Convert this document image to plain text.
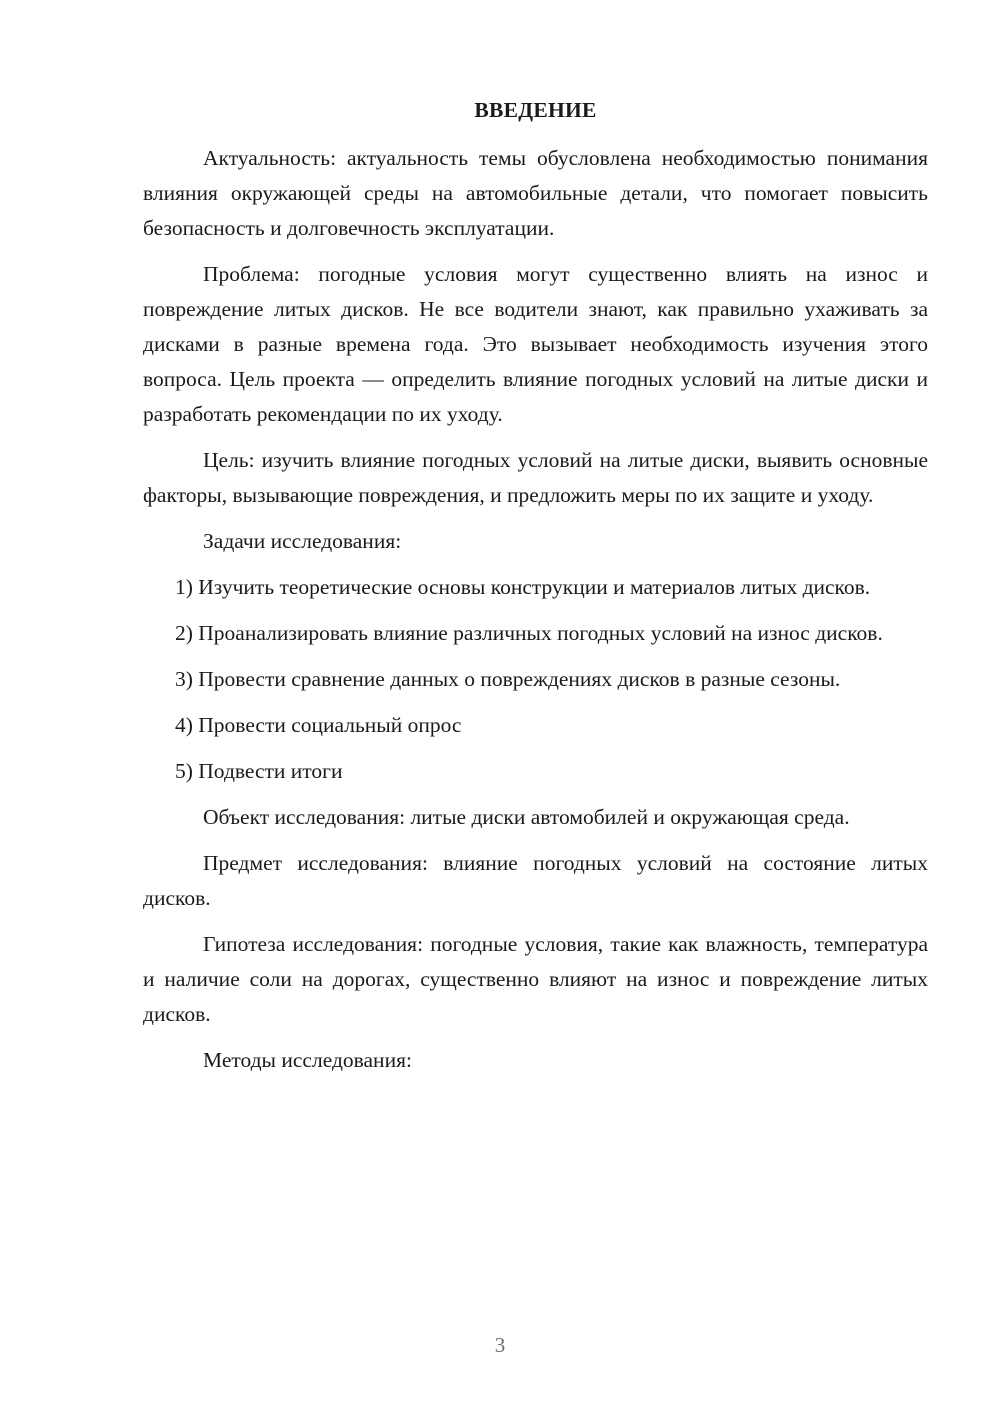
ВВЕДЕНИЕ

Актуальность: актуальность темы обусловлена необходимостью понимания влияния окружающей среды на автомобильные детали, что помогает повысить безопасность и долговечность эксплуатации.

Проблема: погодные условия могут существенно влиять на износ и повреждение литых дисков. Не все водители знают, как правильно ухаживать за дисками в разные времена года. Это вызывает необходимость изучения этого вопроса. Цель проекта — определить влияние погодных условий на литые диски и разработать рекомендации по их уходу.

Цель: изучить влияние погодных условий на литые диски, выявить основные факторы, вызывающие повреждения, и предложить меры по их защите и уходу.

Задачи исследования:

1) Изучить теоретические основы конструкции и материалов литых дисков.

2) Проанализировать влияние различных погодных условий на износ дисков.

3) Провести сравнение данных о повреждениях дисков в разные сезоны.

4) Провести социальный опрос

5) Подвести итоги

Объект исследования: литые диски автомобилей и окружающая среда.

Предмет исследования: влияние погодных условий на состояние литых дисков.

Гипотеза исследования: погодные условия, такие как влажность, температура и наличие соли на дорогах, существенно влияют на износ и повреждение литых дисков.

Методы исследования:

3
